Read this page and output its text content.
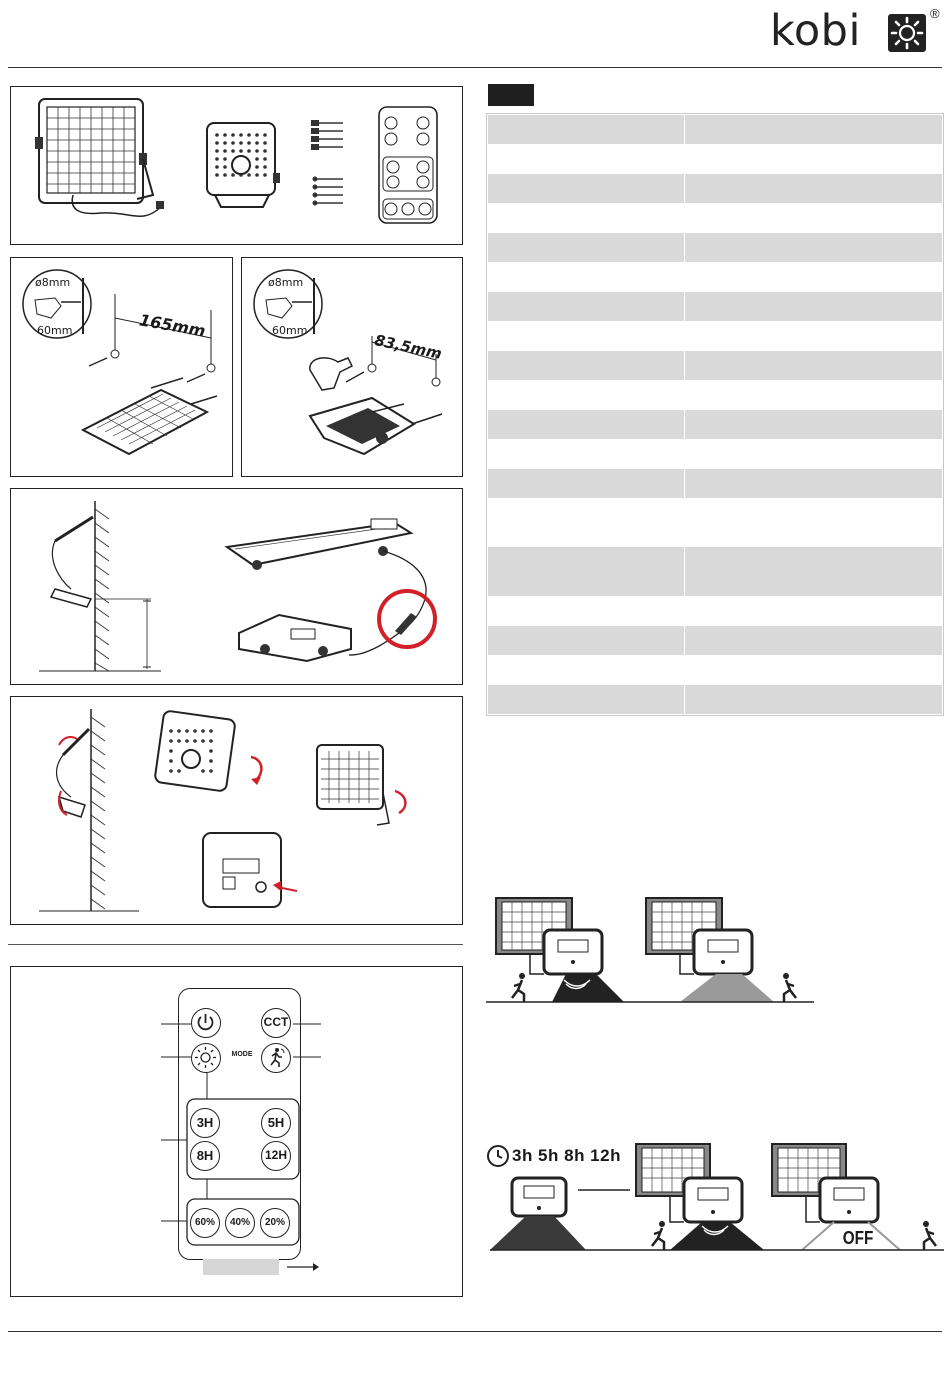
kobi	®
ø8mm
60mm	165mm
ø8mm
60mm
83,5mm
CCT
MODE
3H	5H
8H	12H
60%	40%	20%

3h 5h 8h 12h
OFF
